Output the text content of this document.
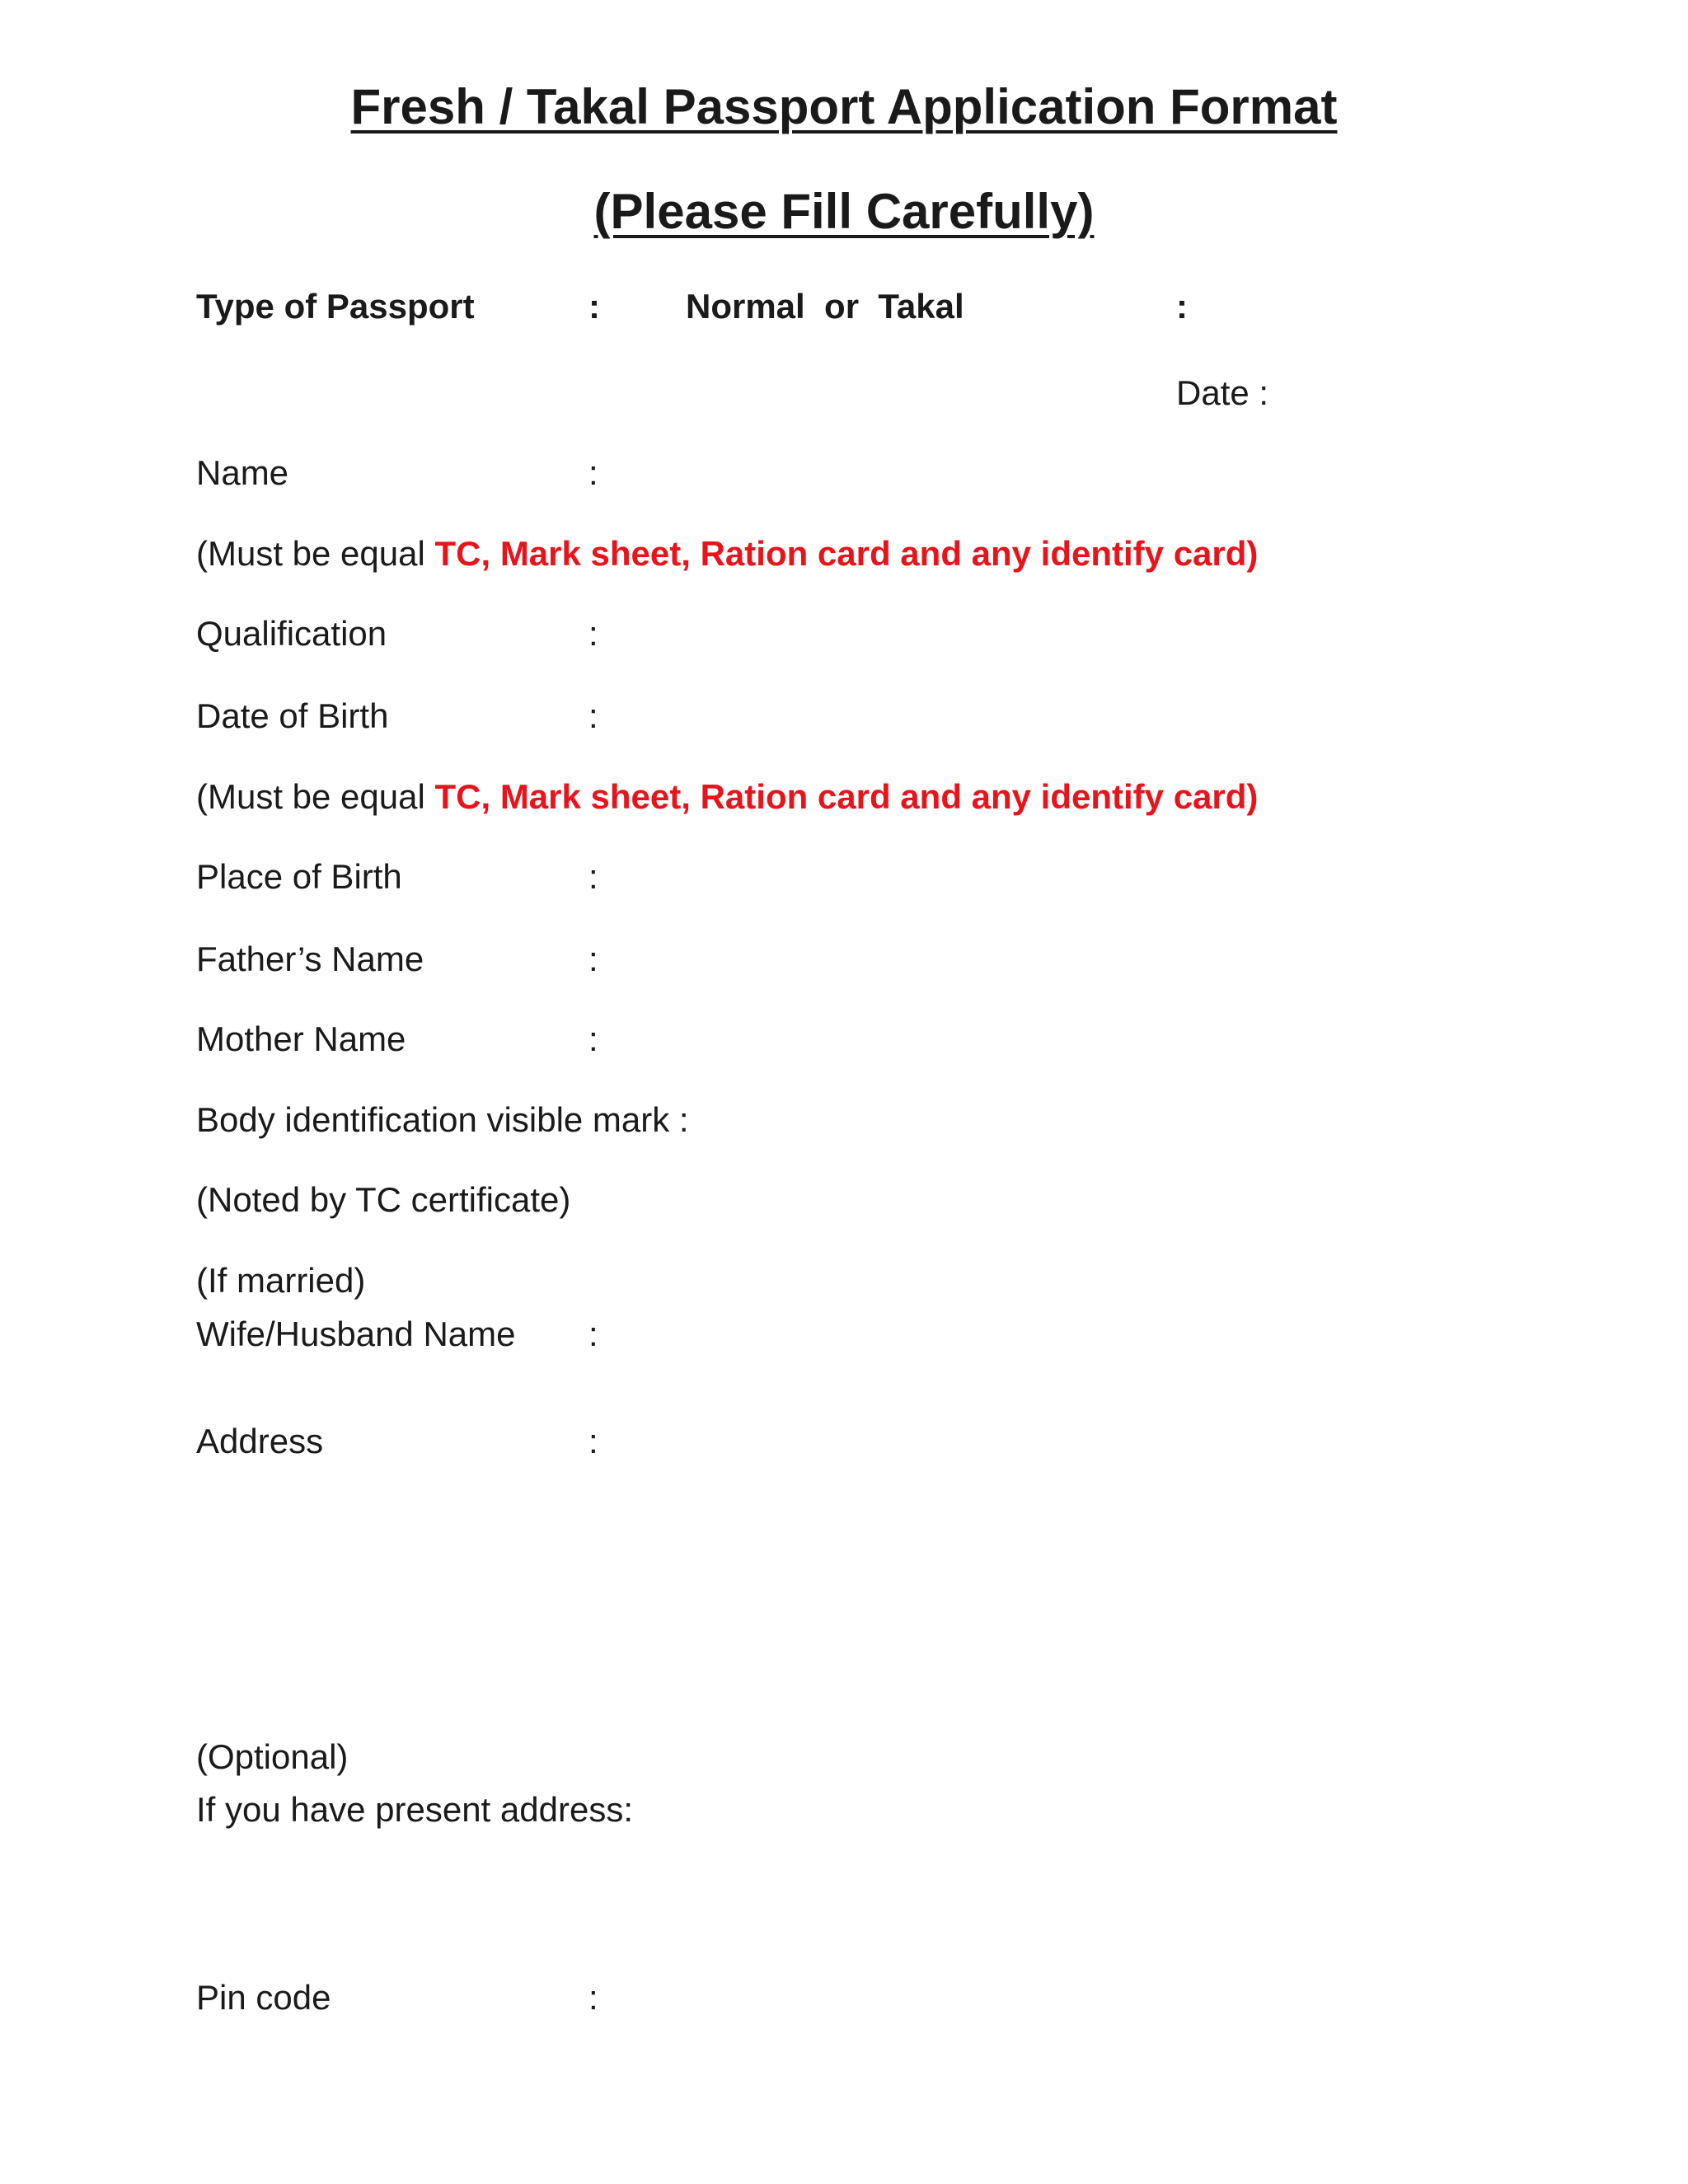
Fresh / Takal Passport Application Format
(Please Fill Carefully)

Type of Passport	: Normal  or  Takal	:

Date :

Name	:

(Must be equal TC, Mark sheet, Ration card and any identify card)

Qualification	:

Date of Birth	:

(Must be equal TC, Mark sheet, Ration card and any identify card)

Place of Birth	:

Father’s Name	:

Mother Name	:

Body identification visible mark :

(Noted by TC certificate)

(If married)

Wife/Husband Name :

Address	:

(Optional)

If you have present address:

Pin code	:
